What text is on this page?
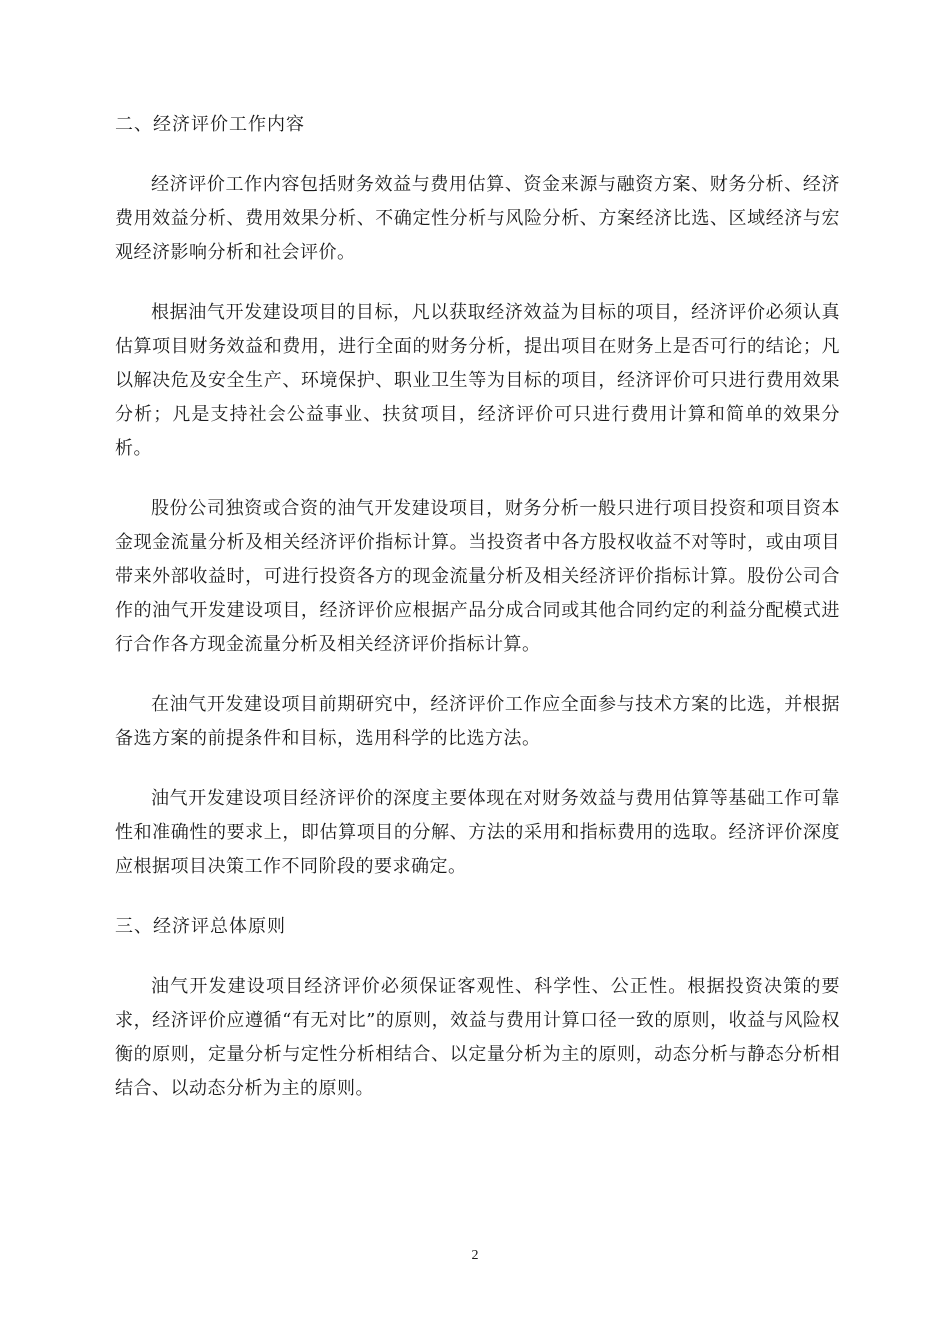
二、经济评价工作内容

经济评价工作内容包括财务效益与费用估算、资金来源与融资方案、财务分析、经济费用效益分析、费用效果分析、不确定性分析与风险分析、方案经济比选、区域经济与宏观经济影响分析和社会评价。

根据油气开发建设项目的目标，凡以获取经济效益为目标的项目，经济评价必须认真估算项目财务效益和费用，进行全面的财务分析，提出项目在财务上是否可行的结论；凡以解决危及安全生产、环境保护、职业卫生等为目标的项目，经济评价可只进行费用效果分析；凡是支持社会公益事业、扶贫项目，经济评价可只进行费用计算和简单的效果分析。

股份公司独资或合资的油气开发建设项目，财务分析一般只进行项目投资和项目资本金现金流量分析及相关经济评价指标计算。当投资者中各方股权收益不对等时，或由项目带来外部收益时，可进行投资各方的现金流量分析及相关经济评价指标计算。股份公司合作的油气开发建设项目，经济评价应根据产品分成合同或其他合同约定的利益分配模式进行合作各方现金流量分析及相关经济评价指标计算。

在油气开发建设项目前期研究中，经济评价工作应全面参与技术方案的比选，并根据备选方案的前提条件和目标，选用科学的比选方法。

油气开发建设项目经济评价的深度主要体现在对财务效益与费用估算等基础工作可靠性和准确性的要求上，即估算项目的分解、方法的采用和指标费用的选取。经济评价深度应根据项目决策工作不同阶段的要求确定。

三、经济评总体原则

油气开发建设项目经济评价必须保证客观性、科学性、公正性。根据投资决策的要求，经济评价应遵循“有无对比”的原则，效益与费用计算口径一致的原则，收益与风险权衡的原则，定量分析与定性分析相结合、以定量分析为主的原则，动态分析与静态分析相结合、以动态分析为主的原则。

2
